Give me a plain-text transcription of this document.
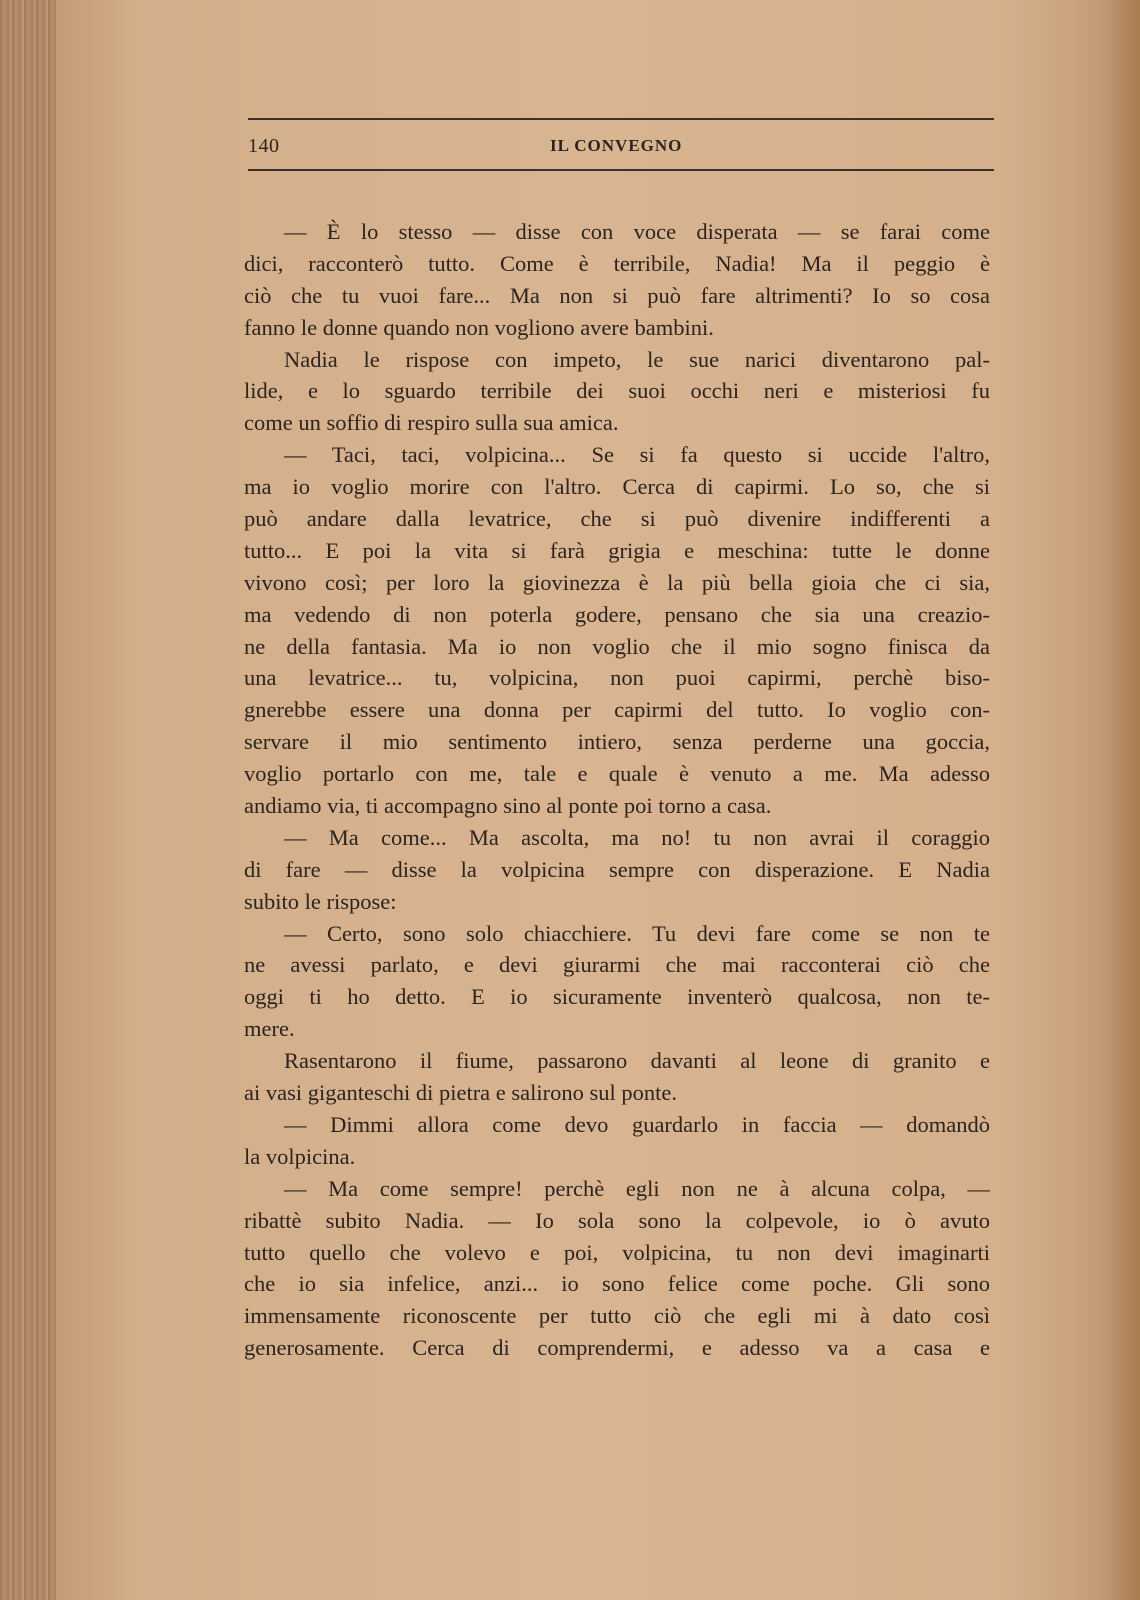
140	IL CONVEGNO
— È lo stesso — disse con voce disperata — se farai come
dici, racconterò tutto. Come è terribile, Nadia! Ma il peggio è
ciò che tu vuoi fare... Ma non si può fare altrimenti? Io so cosa
fanno le donne quando non vogliono avere bambini.
Nadia le rispose con impeto, le sue narici diventarono pal-
lide, e lo sguardo terribile dei suoi occhi neri e misteriosi fu
come un soffio di respiro sulla sua amica.
— Taci, taci, volpicina... Se si fa questo si uccide l'altro,
ma io voglio morire con l'altro. Cerca di capirmi. Lo so, che si
può andare dalla levatrice, che si può divenire indifferenti a
tutto... E poi la vita si farà grigia e meschina: tutte le donne
vivono così; per loro la giovinezza è la più bella gioia che ci sia,
ma vedendo di non poterla godere, pensano che sia una creazio-
ne della fantasia. Ma io non voglio che il mio sogno finisca da
una levatrice... tu, volpicina, non puoi capirmi, perchè biso-
gnerebbe essere una donna per capirmi del tutto. Io voglio con-
servare il mio sentimento intiero, senza perderne una goccia,
voglio portarlo con me, tale e quale è venuto a me. Ma adesso
andiamo via, ti accompagno sino al ponte poi torno a casa.
— Ma come... Ma ascolta, ma no! tu non avrai il coraggio
di fare — disse la volpicina sempre con disperazione. E Nadia
subito le rispose:
— Certo, sono solo chiacchiere. Tu devi fare come se non te
ne avessi parlato, e devi giurarmi che mai racconterai ciò che
oggi ti ho detto. E io sicuramente inventerò qualcosa, non te-
mere.
Rasentarono il fiume, passarono davanti al leone di granito e
ai vasi giganteschi di pietra e salirono sul ponte.
— Dimmi allora come devo guardarlo in faccia — domandò
la volpicina.
— Ma come sempre! perchè egli non ne à alcuna colpa, —
ribattè subito Nadia. — Io sola sono la colpevole, io ò avuto
tutto quello che volevo e poi, volpicina, tu non devi imaginarti
che io sia infelice, anzi... io sono felice come poche. Gli sono
immensamente riconoscente per tutto ciò che egli mi à dato così
generosamente. Cerca di comprendermi, e adesso va a casa e
